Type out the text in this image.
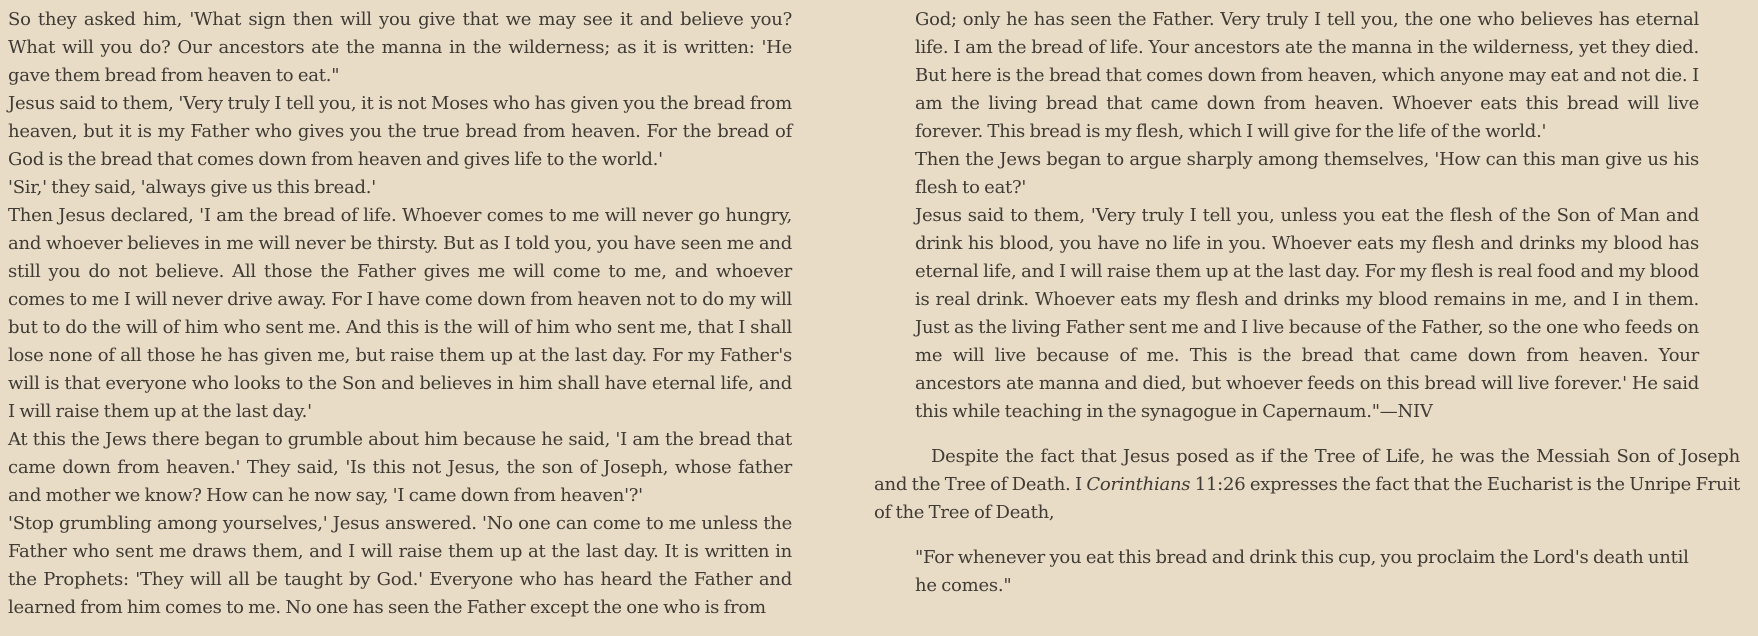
So they asked him, 'What sign then will you give that we may see it and believe you? What will you do? Our ancestors ate the manna in the wilderness; as it is written: 'He gave them bread from heaven to eat."

Jesus said to them, 'Very truly I tell you, it is not Moses who has given you the bread from heaven, but it is my Father who gives you the true bread from heaven. For the bread of God is the bread that comes down from heaven and gives life to the world.'

'Sir,' they said, 'always give us this bread.'

Then Jesus declared, 'I am the bread of life. Whoever comes to me will never go hungry, and whoever believes in me will never be thirsty. But as I told you, you have seen me and still you do not believe. All those the Father gives me will come to me, and whoever comes to me I will never drive away. For I have come down from heaven not to do my will but to do the will of him who sent me. And this is the will of him who sent me, that I shall lose none of all those he has given me, but raise them up at the last day. For my Father's will is that everyone who looks to the Son and believes in him shall have eternal life, and I will raise them up at the last day.'

At this the Jews there began to grumble about him because he said, 'I am the bread that came down from heaven.' They said, 'Is this not Jesus, the son of Joseph, whose father and mother we know? How can he now say, 'I came down from heaven'?'

'Stop grumbling among yourselves,' Jesus answered. 'No one can come to me unless the Father who sent me draws them, and I will raise them up at the last day. It is written in the Prophets: 'They will all be taught by God.' Everyone who has heard the Father and learned from him comes to me. No one has seen the Father except the one who is from

God; only he has seen the Father. Very truly I tell you, the one who believes has eternal life. I am the bread of life. Your ancestors ate the manna in the wilderness, yet they died. But here is the bread that comes down from heaven, which anyone may eat and not die. I am the living bread that came down from heaven. Whoever eats this bread will live forever. This bread is my flesh, which I will give for the life of the world.'

Then the Jews began to argue sharply among themselves, 'How can this man give us his flesh to eat?'

Jesus said to them, 'Very truly I tell you, unless you eat the flesh of the Son of Man and drink his blood, you have no life in you. Whoever eats my flesh and drinks my blood has eternal life, and I will raise them up at the last day. For my flesh is real food and my blood is real drink. Whoever eats my flesh and drinks my blood remains in me, and I in them. Just as the living Father sent me and I live because of the Father, so the one who feeds on me will live because of me. This is the bread that came down from heaven. Your ancestors ate manna and died, but whoever feeds on this bread will live forever.' He said this while teaching in the synagogue in Capernaum."—NIV

Despite the fact that Jesus posed as if the Tree of Life, he was the Messiah Son of Joseph and the Tree of Death. I Corinthians 11:26 expresses the fact that the Eucharist is the Unripe Fruit of the Tree of Death,

"For whenever you eat this bread and drink this cup, you proclaim the Lord's death until he comes."
